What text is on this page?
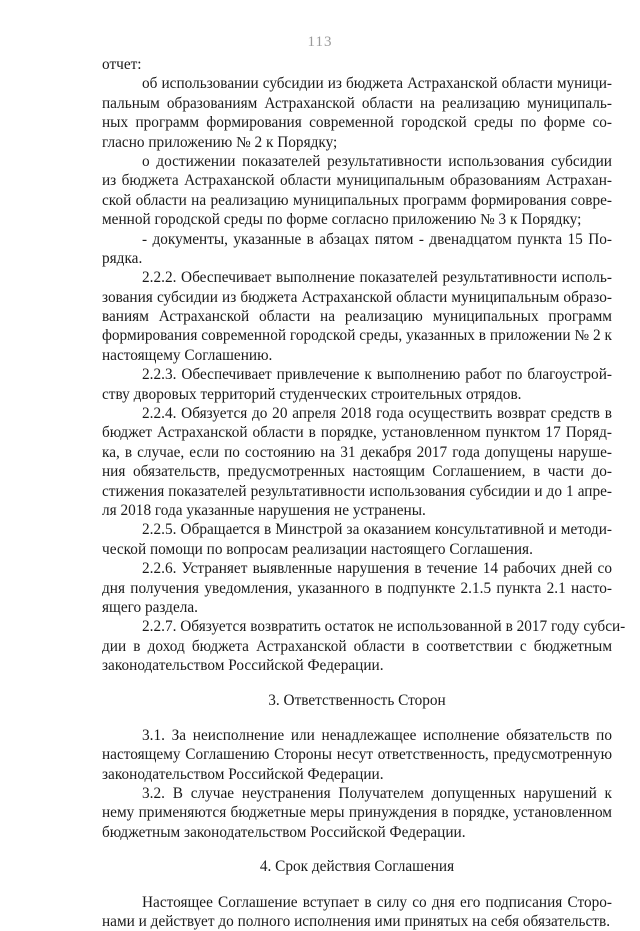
113
отчет:
об использовании субсидии из бюджета Астраханской области муници-
пальным образованиям Астраханской области на реализацию муниципаль-
ных программ формирования современной городской среды по форме со-
гласно приложению № 2 к Порядку;
о достижении показателей результативности использования субсидии
из бюджета Астраханской области муниципальным образованиям Астрахан-
ской области на реализацию муниципальных программ формирования совре-
менной городской среды по форме согласно приложению № 3 к Порядку;
- документы, указанные в абзацах пятом - двенадцатом пункта 15 По-
рядка.
2.2.2. Обеспечивает выполнение показателей результативности исполь-
зования субсидии из бюджета Астраханской области муниципальным образо-
ваниям Астраханской области на реализацию муниципальных программ
формирования современной городской среды, указанных в приложении № 2 к
настоящему Соглашению.
2.2.3. Обеспечивает привлечение к выполнению работ по благоустрой-
ству дворовых территорий студенческих строительных отрядов.
2.2.4. Обязуется до 20 апреля 2018 года осуществить возврат средств в
бюджет Астраханской области в порядке, установленном пунктом 17 Поряд-
ка, в случае, если по состоянию на 31 декабря 2017 года допущены наруше-
ния обязательств, предусмотренных настоящим Соглашением, в части до-
стижения показателей результативности использования субсидии и до 1 апре-
ля 2018 года указанные нарушения не устранены.
2.2.5. Обращается в Минстрой за оказанием консультативной и методи-
ческой помощи по вопросам реализации настоящего Соглашения.
2.2.6. Устраняет выявленные нарушения в течение 14 рабочих дней со
дня получения уведомления, указанного в подпункте 2.1.5 пункта 2.1 насто-
ящего раздела.
2.2.7. Обязуется возвратить остаток не использованной в 2017 году субси-
дии в доход бюджета Астраханской области в соответствии с бюджетным
законодательством Российской Федерации.
3. Ответственность Сторон
3.1. За неисполнение или ненадлежащее исполнение обязательств по
настоящему Соглашению Стороны несут ответственность, предусмотренную
законодательством Российской Федерации.
3.2. В случае неустранения Получателем допущенных нарушений к
нему применяются бюджетные меры принуждения в порядке, установленном
бюджетным законодательством Российской Федерации.
4. Срок действия Соглашения
Настоящее Соглашение вступает в силу со дня его подписания Сторо-
нами и действует до полного исполнения ими принятых на себя обязательств.
